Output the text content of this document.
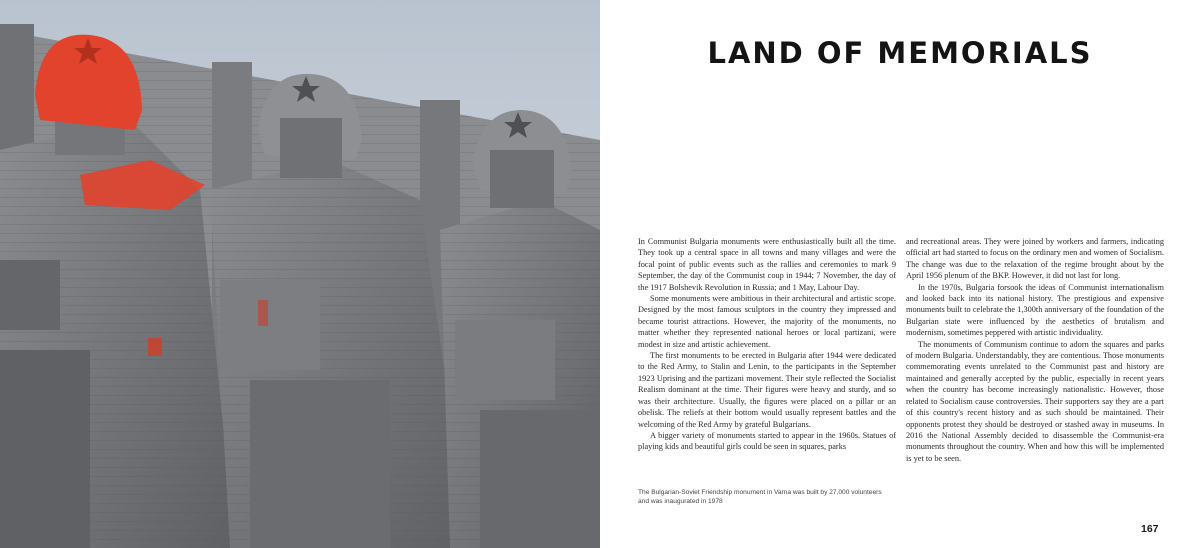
LAND OF MEMORIALS

In Communist Bulgaria monuments were enthusiastically built all the time. They took up a central space in all towns and many villages and were the focal point of public events such as the rallies and ceremonies to mark 9 September, the day of the Communist coup in 1944; 7 November, the day of the 1917 Bolshevik Revolution in Russia; and 1 May, Labour Day.

Some monuments were ambitious in their architectural and artistic scope. Designed by the most famous sculptors in the country they impressed and became tourist attractions. However, the majority of the monuments, no matter whether they represented national heroes or local partizani, were modest in size and artistic achievement.

The first monuments to be erected in Bulgaria after 1944 were dedicated to the Red Army, to Stalin and Lenin, to the participants in the September 1923 Uprising and the partizani movement. Their style reflected the Socialist Realism dominant at the time. Their figures were heavy and sturdy, and so was their architecture. Usually, the figures were placed on a pillar or an obelisk. The reliefs at their bottom would usually represent battles and the welcoming of the Red Army by grateful Bulgarians.

A bigger variety of monuments started to appear in the 1960s. Statues of playing kids and beautiful girls could be seen in squares, parks

and recreational areas. They were joined by workers and farmers, indicating official art had started to focus on the ordinary men and women of Socialism. The change was due to the relaxation of the regime brought about by the April 1956 plenum of the BKP. However, it did not last for long.

In the 1970s, Bulgaria forsook the ideas of Communist internationalism and looked back into its national history. The prestigious and expensive monuments built to celebrate the 1,300th anniversary of the foundation of the Bulgarian state were influenced by the aesthetics of brutalism and modernism, sometimes peppered with artistic individuality.

The monuments of Communism continue to adorn the squares and parks of modern Bulgaria. Understandably, they are contentious. Those monuments commemorating events unrelated to the Communist past and history are maintained and generally accepted by the public, especially in recent years when the country has become increasingly nationalistic. However, those related to Socialism cause controversies. Their supporters say they are a part of this country's recent history and as such should be maintained. Their opponents protest they should be destroyed or stashed away in museums. In 2016 the National Assembly decided to disassemble the Communist-era monuments throughout the country. When and how this will be implemented is yet to be seen.

The Bulgarian-Soviet Friendship monument in Varna was built by 27,000 volunteers and was inaugurated in 1978
167
